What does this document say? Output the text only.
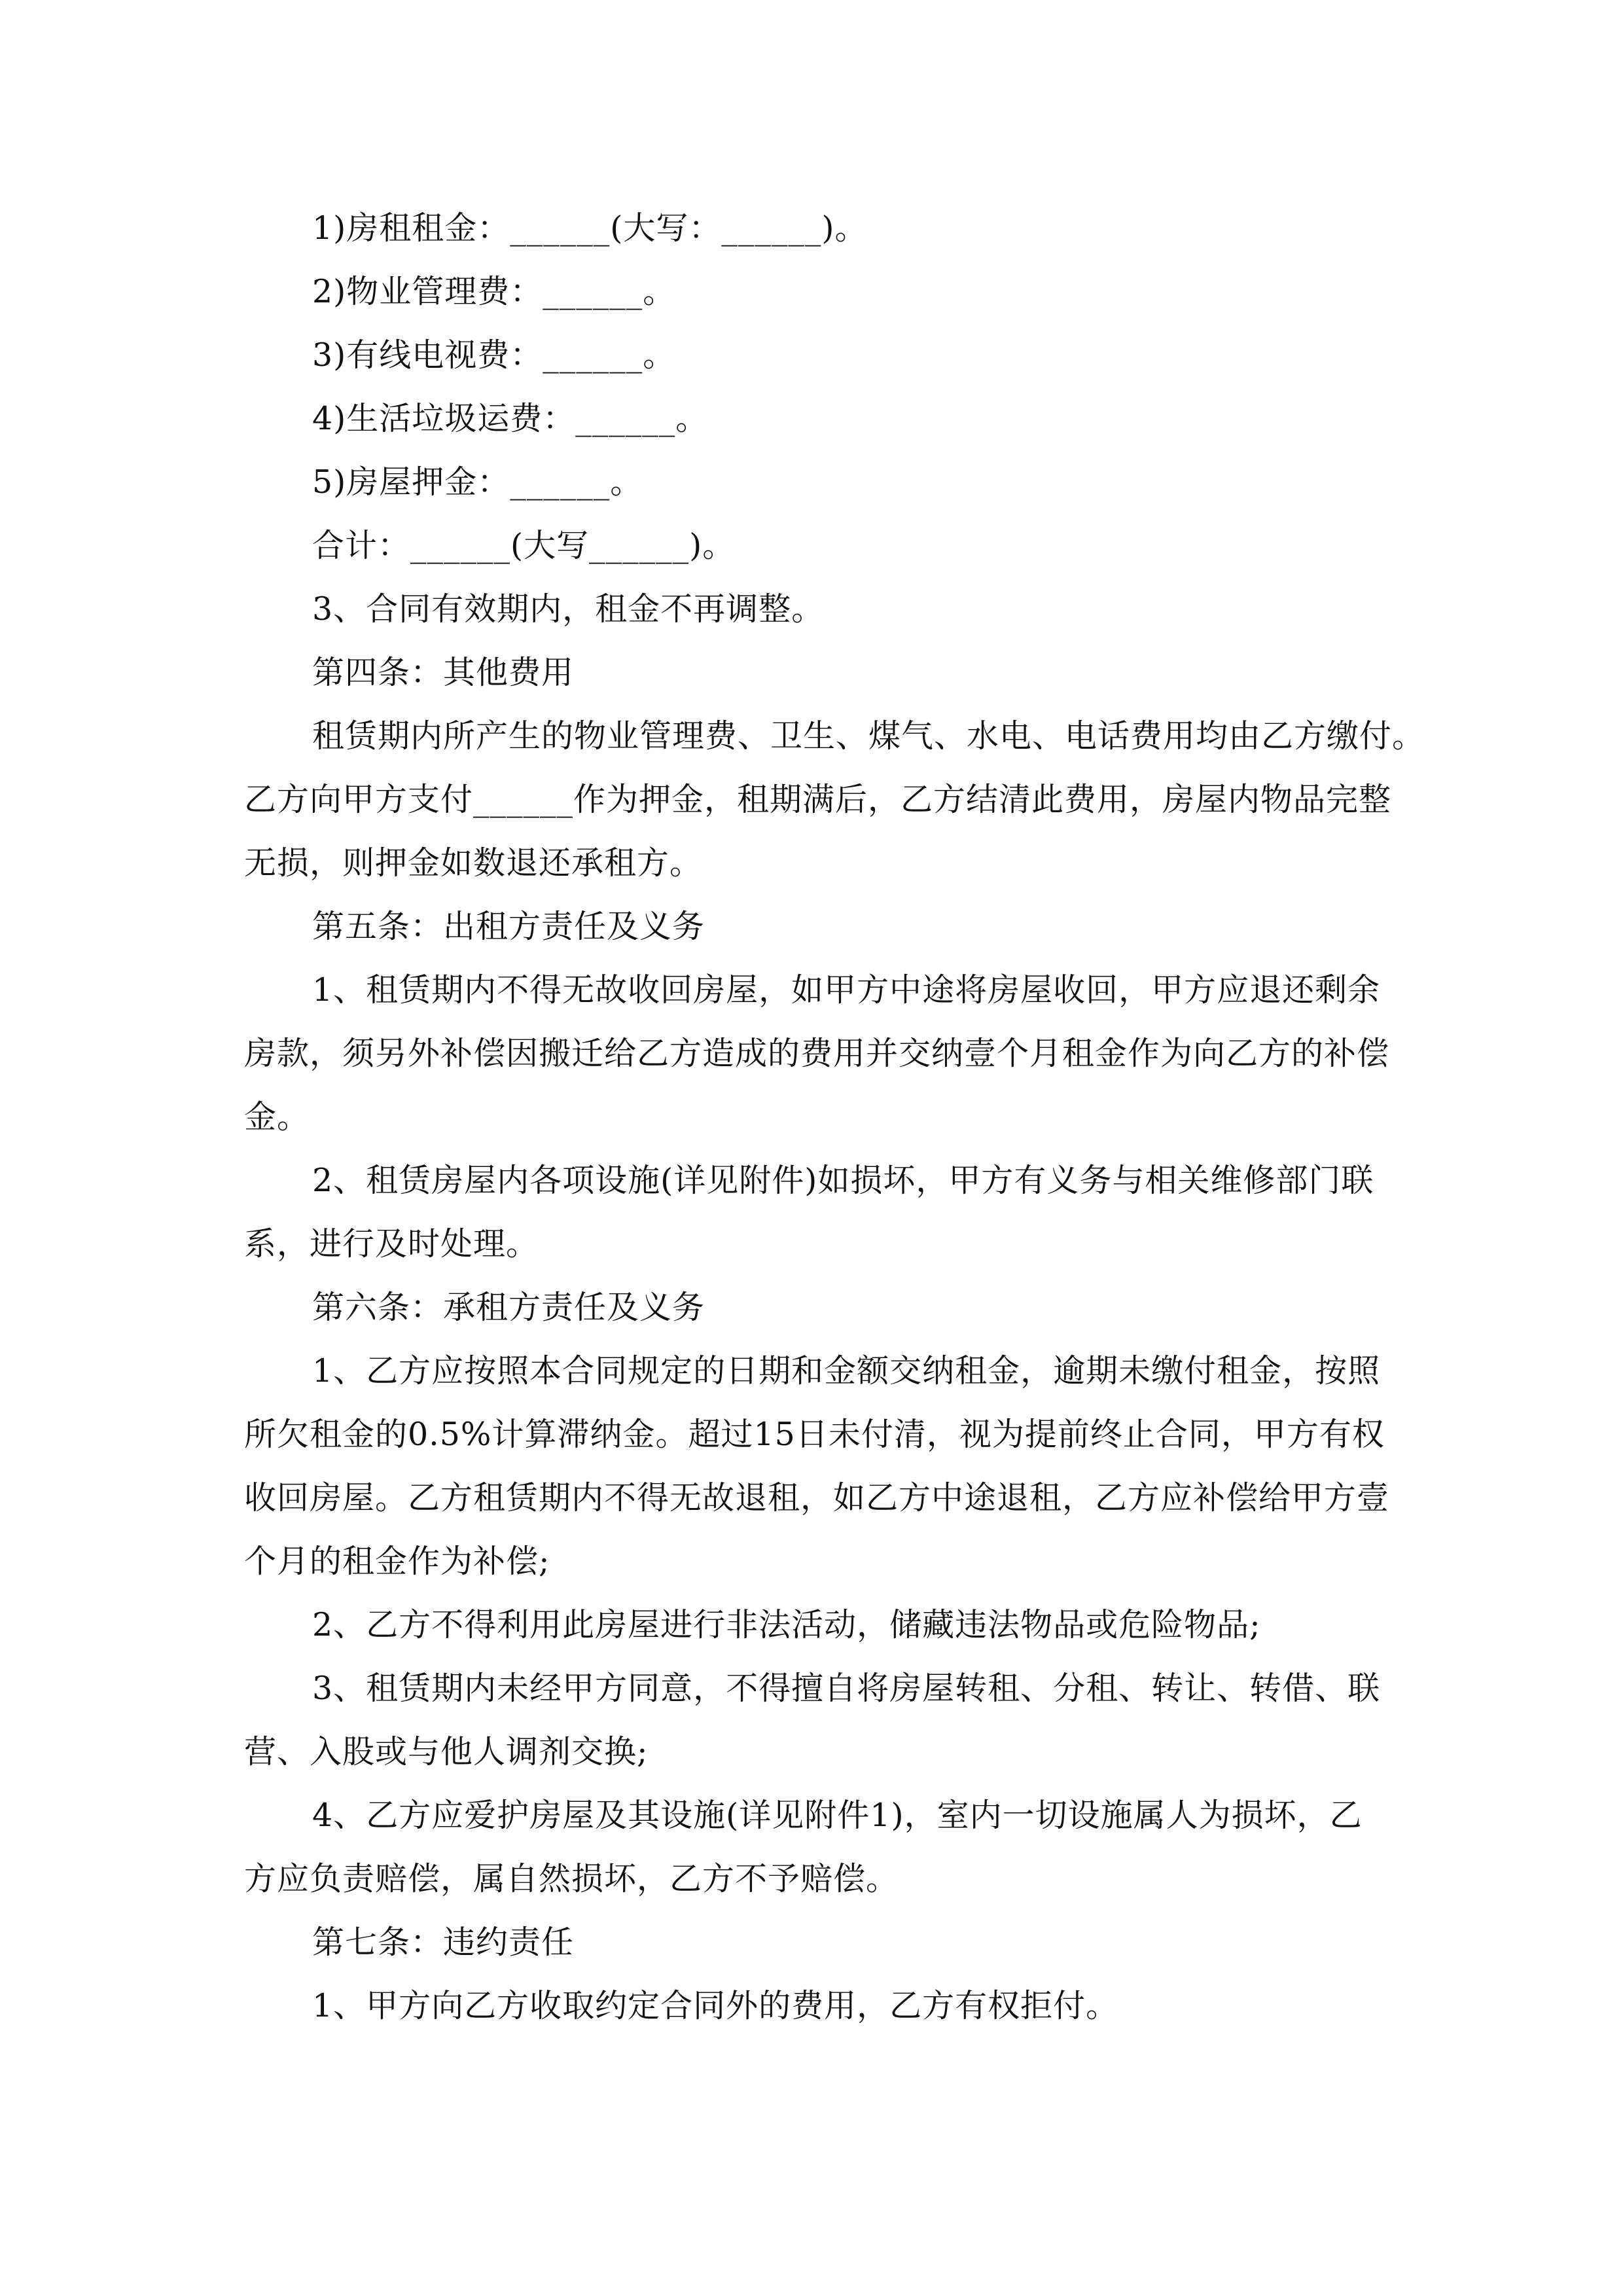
1)房租租金：______(大写：______)。
2)物业管理费：______。
3)有线电视费：______。
4)生活垃圾运费：______。
5)房屋押金：______。
合计：______(大写______)。
3、合同有效期内，租金不再调整。
第四条：其他费用
租赁期内所产生的物业管理费、卫生、煤气、水电、电话费用均由乙方缴付。
乙方向甲方支付______作为押金，租期满后，乙方结清此费用，房屋内物品完整
无损，则押金如数退还承租方。
第五条：出租方责任及义务
1、租赁期内不得无故收回房屋，如甲方中途将房屋收回，甲方应退还剩余
房款，须另外补偿因搬迁给乙方造成的费用并交纳壹个月租金作为向乙方的补偿
金。
2、租赁房屋内各项设施(详见附件)如损坏，甲方有义务与相关维修部门联
系，进行及时处理。
第六条：承租方责任及义务
1、乙方应按照本合同规定的日期和金额交纳租金，逾期未缴付租金，按照
所欠租金的0.5%计算滞纳金。超过15日未付清，视为提前终止合同，甲方有权
收回房屋。乙方租赁期内不得无故退租，如乙方中途退租，乙方应补偿给甲方壹
个月的租金作为补偿;
2、乙方不得利用此房屋进行非法活动，储藏违法物品或危险物品;
3、租赁期内未经甲方同意，不得擅自将房屋转租、分租、转让、转借、联
营、入股或与他人调剂交换;
4、乙方应爱护房屋及其设施(详见附件1)，室内一切设施属人为损坏，乙
方应负责赔偿，属自然损坏，乙方不予赔偿。
第七条：违约责任
1、甲方向乙方收取约定合同外的费用，乙方有权拒付。
